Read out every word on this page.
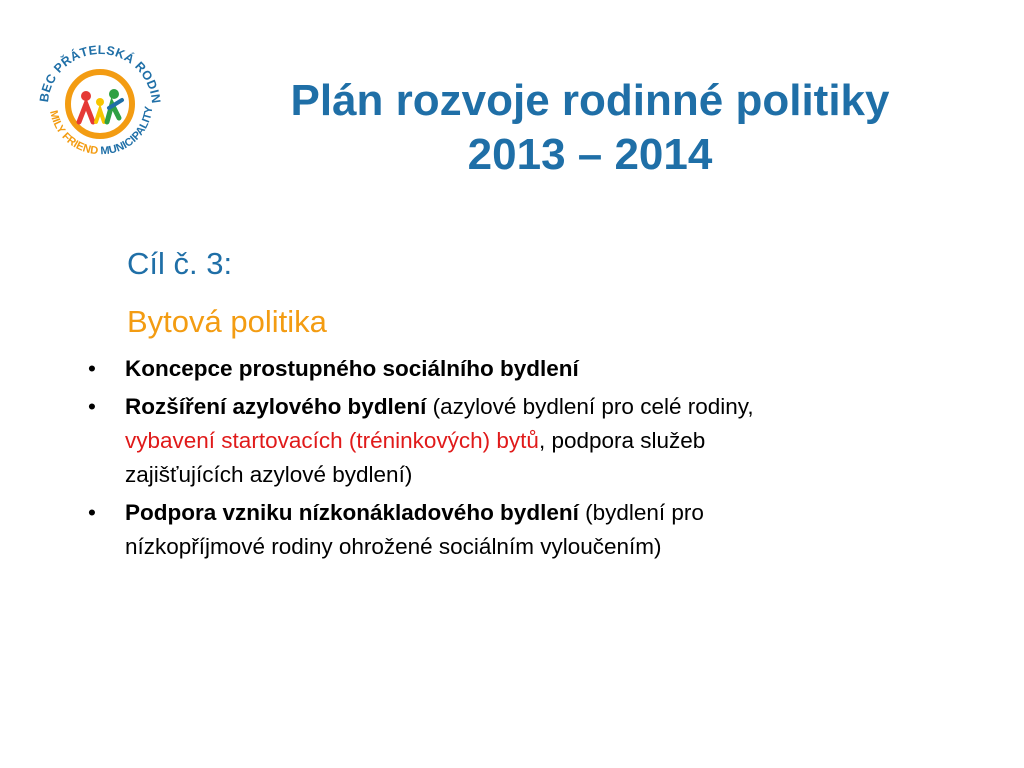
BEC PŘÁTELSKÁ RODIN
MILY FRIEND MUNICIPALITY	Plán rozvoje rodinné politiky
2013 – 2014
Cíl č. 3:
Bytová politika
• Koncepce prostupného sociálního bydlení
• Rozšíření azylového bydlení (azylové bydlení pro celé rodiny,
vybavení startovacích (tréninkových) bytů, podpora služeb
zajišťujících azylové bydlení)
• Podpora vzniku nízkonákladového bydlení (bydlení pro
nízkopříjmové rodiny ohrožené sociálním vyloučením)
